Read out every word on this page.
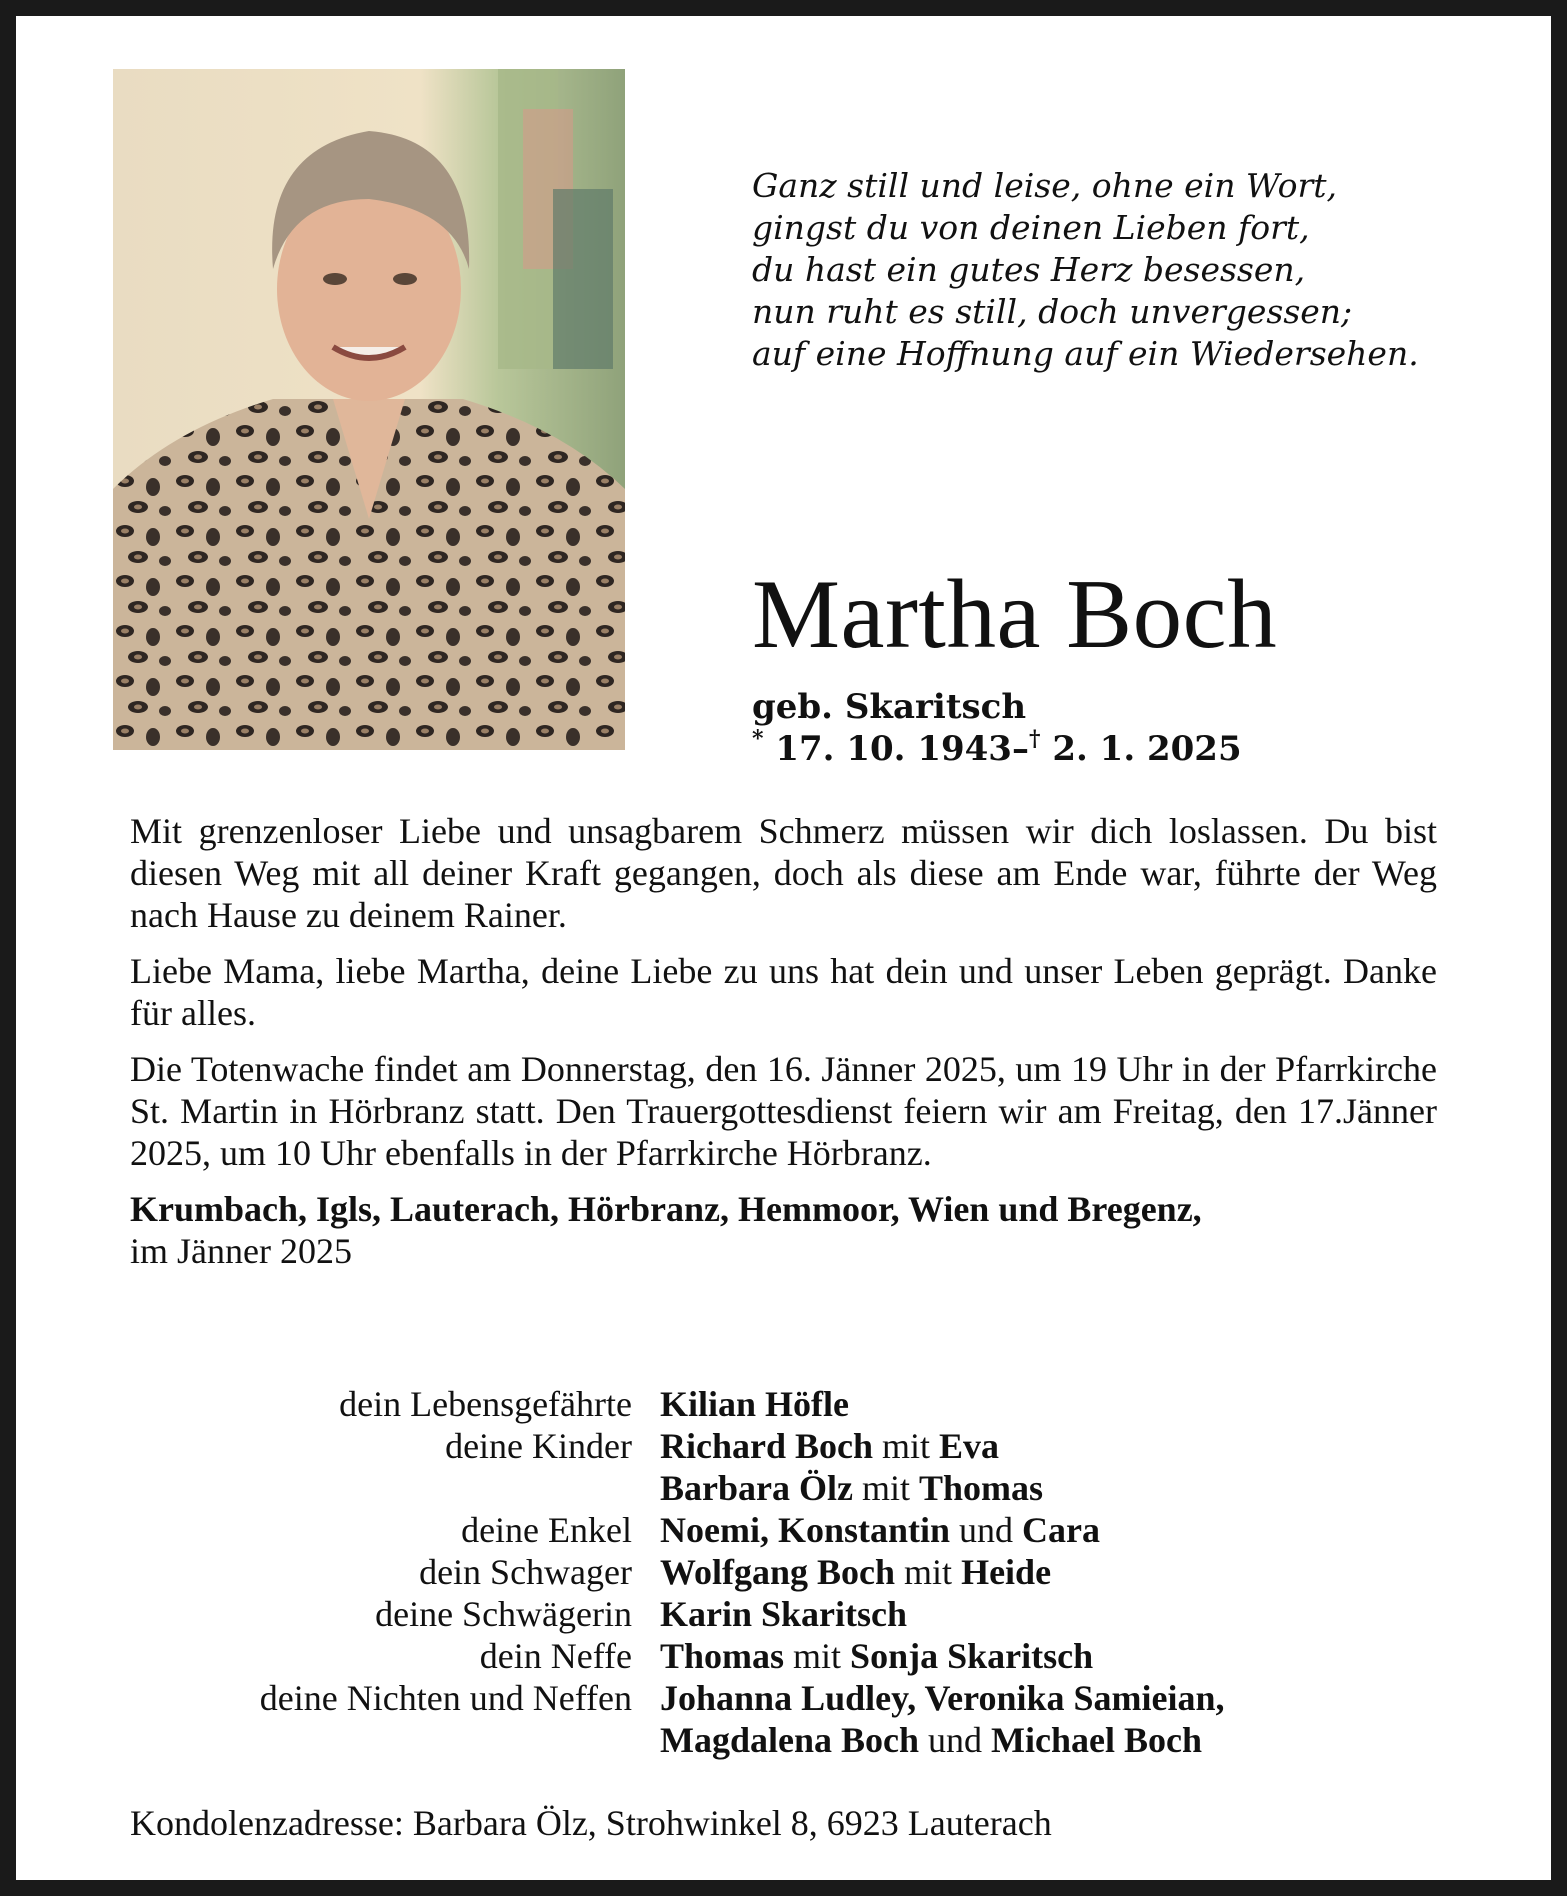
Ganz still und leise, ohne ein Wort,
gingst du von deinen Lieben fort,
du hast ein gutes Herz besessen,
nun ruht es still, doch unvergessen;
auf eine Hoffnung auf ein Wiedersehen.
Martha Boch
geb. Skaritsch
* 17. 10. 1943–† 2. 1. 2025

Mit grenzenloser Liebe und unsagbarem Schmerz müssen wir dich loslassen. Du bist diesen Weg mit all deiner Kraft gegangen, doch als diese am Ende war, führte der Weg nach Hause zu deinem Rainer.

Liebe Mama, liebe Martha, deine Liebe zu uns hat dein und unser Leben geprägt. Danke für alles.

Die Totenwache findet am Donnerstag, den 16. Jänner 2025, um 19 Uhr in der Pfarrkirche St. Martin in Hörbranz statt. Den Trauergottesdienst feiern wir am Freitag, den 17.Jänner 2025, um 10 Uhr ebenfalls in der Pfarrkirche Hörbranz.

Krumbach, Igls, Lauterach, Hörbranz, Hemmoor, Wien und Bregenz,
im Jänner 2025

dein Lebensgefährte Kilian Höfle
deine Kinder Richard Boch mit Eva
Barbara Ölz mit Thomas
deine Enkel Noemi, Konstantin und Cara
dein Schwager Wolfgang Boch mit Heide
deine Schwägerin Karin Skaritsch
dein Neffe Thomas mit Sonja Skaritsch
deine Nichten und Neffen Johanna Ludley, Veronika Samieian,
Magdalena Boch und Michael Boch
Kondolenzadresse: Barbara Ölz, Strohwinkel 8, 6923 Lauterach
